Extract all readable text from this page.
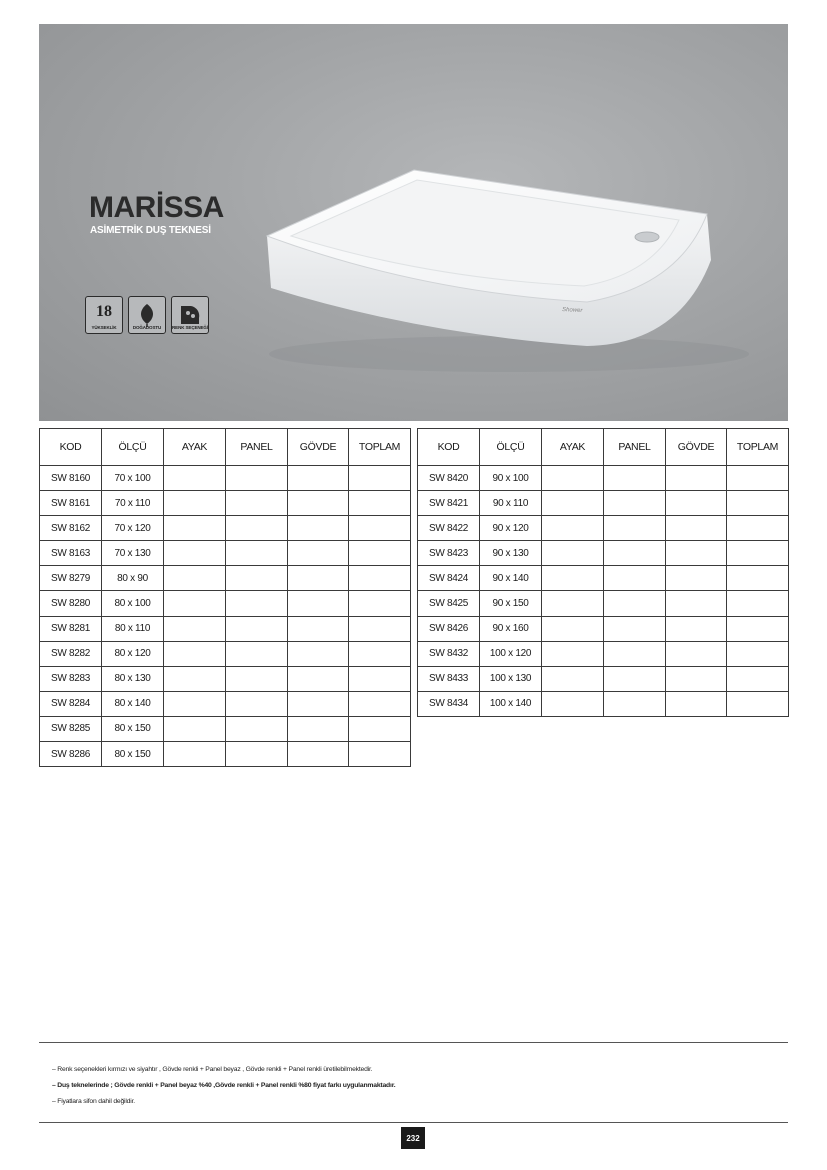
Shower
MARİSSA
ASİMETRİK DUŞ TEKNESİ
18
YÜKSEKLİK	DOĞADOSTU	RENK SEÇENEĞİ
KOD	ÖLÇÜ	AYAK	PANEL	GÖVDE	TOPLAM
SW 8160	70 x 100				
SW 8161	70 x 110				
SW 8162	70 x 120				
SW 8163	70 x 130				
SW 8279	80 x 90				
SW 8280	80 x 100				
SW 8281	80 x 110				
SW 8282	80 x 120				
SW 8283	80 x 130				
SW 8284	80 x 140				
SW 8285	80 x 150				
SW 8286	80 x 150				
KOD	ÖLÇÜ	AYAK	PANEL	GÖVDE	TOPLAM
SW 8420	90 x 100				
SW 8421	90 x 110				
SW 8422	90 x 120				
SW 8423	90 x 130				
SW 8424	90 x 140				
SW 8425	90 x 150				
SW 8426	90 x 160				
SW 8432	100 x 120				
SW 8433	100 x 130				
SW 8434	100 x 140				
– Renk seçenekleri kırmızı ve siyahtır , Gövde renkli + Panel beyaz , Gövde renkli + Panel renkli üretilebilmektedir.
– Duş teknelerinde ; Gövde renkli + Panel beyaz %40 ,Gövde renkli + Panel renkli %80 fiyat farkı uygulanmaktadır.
– Fiyatlara sifon dahil değildir.
232
